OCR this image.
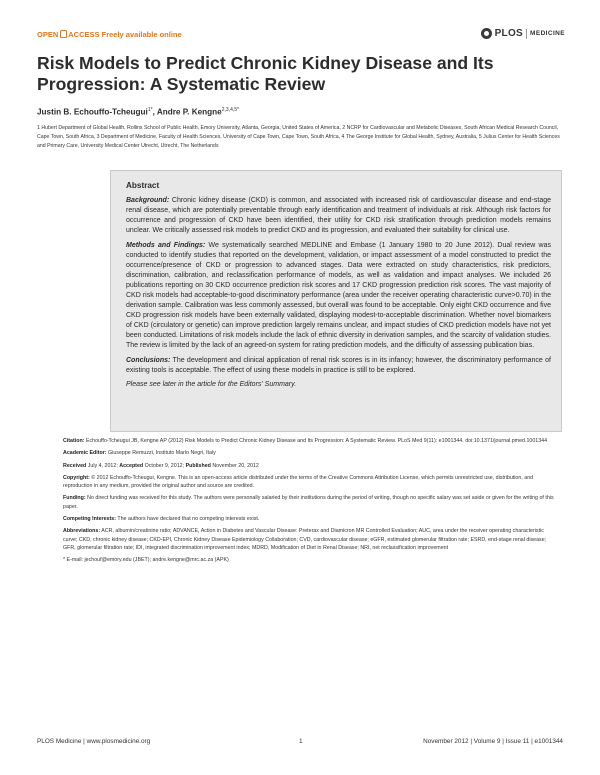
OPEN ACCESS Freely available online	PLOS MEDICINE
Risk Models to Predict Chronic Kidney Disease and Its Progression: A Systematic Review
Justin B. Echouffo-Tcheugui$^{1*}$, Andre P. Kengne$^{2,3,4,5*}$

1 Hubert Department of Global Health, Rollins School of Public Health, Emory University, Atlanta, Georgia, United States of America, 2 NCRP for Cardiovascular and Metabolic Diseases, South African Medical Research Council, Cape Town, South Africa, 3 Department of Medicine, Faculty of Health Sciences, University of Cape Town, Cape Town, South Africa, 4 The George Institute for Global Health, Sydney, Australia, 5 Julius Center for Health Sciences and Primary Care, University Medical Center Utrecht, Utrecht, The Netherlands

Abstract

Background: Chronic kidney disease (CKD) is common, and associated with increased risk of cardiovascular disease and end-stage renal disease, which are potentially preventable through early identification and treatment of individuals at risk. Although risk factors for occurrence and progression of CKD have been identified, their utility for CKD risk stratification through prediction models remains unclear. We critically assessed risk models to predict CKD and its progression, and evaluated their suitability for clinical use.

Methods and Findings: We systematically searched MEDLINE and Embase (1 January 1980 to 20 June 2012). Dual review was conducted to identify studies that reported on the development, validation, or impact assessment of a model constructed to predict the occurrence/presence of CKD or progression to advanced stages. Data were extracted on study characteristics, risk predictors, discrimination, calibration, and reclassification performance of models, as well as validation and impact analyses. We included 26 publications reporting on 30 CKD occurrence prediction risk scores and 17 CKD progression prediction risk scores. The vast majority of CKD risk models had acceptable-to-good discriminatory performance (area under the receiver operating characteristic curve>0.70) in the derivation sample. Calibration was less commonly assessed, but overall was found to be acceptable. Only eight CKD occurrence and five CKD progression risk models have been externally validated, displaying modest-to-acceptable discrimination. Whether novel biomarkers of CKD (circulatory or genetic) can improve prediction largely remains unclear, and impact studies of CKD prediction models have not yet been conducted. Limitations of risk models include the lack of ethnic diversity in derivation samples, and the scarcity of validation studies. The review is limited by the lack of an agreed-on system for rating prediction models, and the difficulty of assessing publication bias.

Conclusions: The development and clinical application of renal risk scores is in its infancy; however, the discriminatory performance of existing tools is acceptable. The effect of using these models in practice is still to be explored.

Please see later in the article for the Editors' Summary.

Citation: Echouffo-Tcheugui JB, Kengne AP (2012) Risk Models to Predict Chronic Kidney Disease and Its Progression: A Systematic Review. PLoS Med 9(11): e1001344. doi:10.1371/journal.pmed.1001344

Academic Editor: Giuseppe Remuzzi, Instituto Mario Negri, Italy

Received July 4, 2012; Accepted October 9, 2012; Published November 20, 2012

Copyright: © 2012 Echouffo-Tcheugui, Kengne. This is an open-access article distributed under the terms of the Creative Commons Attribution License, which permits unrestricted use, distribution, and reproduction in any medium, provided the original author and source are credited.

Funding: No direct funding was received for this study. The authors were personally salaried by their institutions during the period of writing, though no specific salary was set aside or given for the writing of this paper.

Competing Interests: The authors have declared that no competing interests exist.

Abbreviations: ACR, albumin/creatinine ratio; ADVANCE, Action in Diabetes and Vascular Disease: Preterax and Diamicron MR Controlled Evaluation; AUC, area under the receiver operating characteristic curve; CKD, chronic kidney disease; CKD-EPI, Chronic Kidney Disease Epidemiology Collaboration; CVD, cardiovascular disease; eGFR, estimated glomerular filtration rate; ESRD, end-stage renal disease; GFR, glomerular filtration rate; IDI, integrated discrimination improvement index; MDRD, Modification of Diet in Renal Disease; NRI, net reclassification improvement

* E-mail: jechouf@emory.edu (JBET); andre.kengne@mrc.ac.za (APK)

PLOS Medicine | www.plosmedicine.org	1	November 2012 | Volume 9 | Issue 11 | e1001344
